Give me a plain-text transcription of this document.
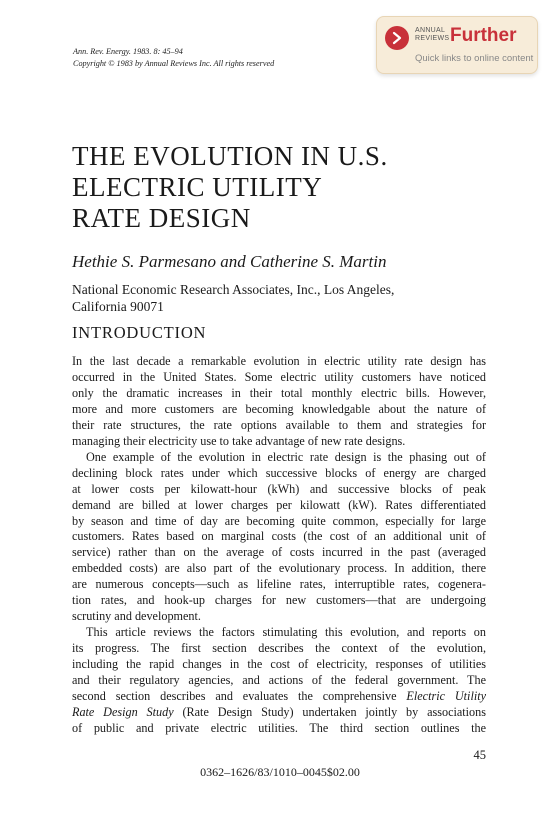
Ann. Rev. Energy. 1983. 8: 45–94
Copyright © 1983 by Annual Reviews Inc. All rights reserved
ANNUAL
REVIEWS Further
Quick links to online content
THE EVOLUTION IN U.S.
ELECTRIC UTILITY
RATE DESIGN
Hethie S. Parmesano and Catherine S. Martin
National Economic Research Associates, Inc., Los Angeles,
California 90071
INTRODUCTION
In the last decade a remarkable evolution in electric utility rate design has
occurred in the United States. Some electric utility customers have noticed
only the dramatic increases in their total monthly electric bills. However,
more and more customers are becoming knowledgable about the nature of
their rate structures, the rate options available to them and strategies for
managing their electricity use to take advantage of new rate designs.
One example of the evolution in electric rate design is the phasing out of
declining block rates under which successive blocks of energy are charged
at lower costs per kilowatt-hour (kWh) and successive blocks of peak
demand are billed at lower charges per kilowatt (kW). Rates differentiated
by season and time of day are becoming quite common, especially for large
customers. Rates based on marginal costs (the cost of an additional unit of
service) rather than on the average of costs incurred in the past (averaged
embedded costs) are also part of the evolutionary process. In addition, there
are numerous concepts—such as lifeline rates, interruptible rates, cogenera-
tion rates, and hook-up charges for new customers—that are undergoing
scrutiny and development.
This article reviews the factors stimulating this evolution, and reports on
its progress. The first section describes the context of the evolution,
including the rapid changes in the cost of electricity, responses of utilities
and their regulatory agencies, and actions of the federal government. The
second section describes and evaluates the comprehensive Electric Utility
Rate Design Study (Rate Design Study) undertaken jointly by associations
of public and private electric utilities. The third section outlines the
45
0362–1626/83/1010–0045$02.00
